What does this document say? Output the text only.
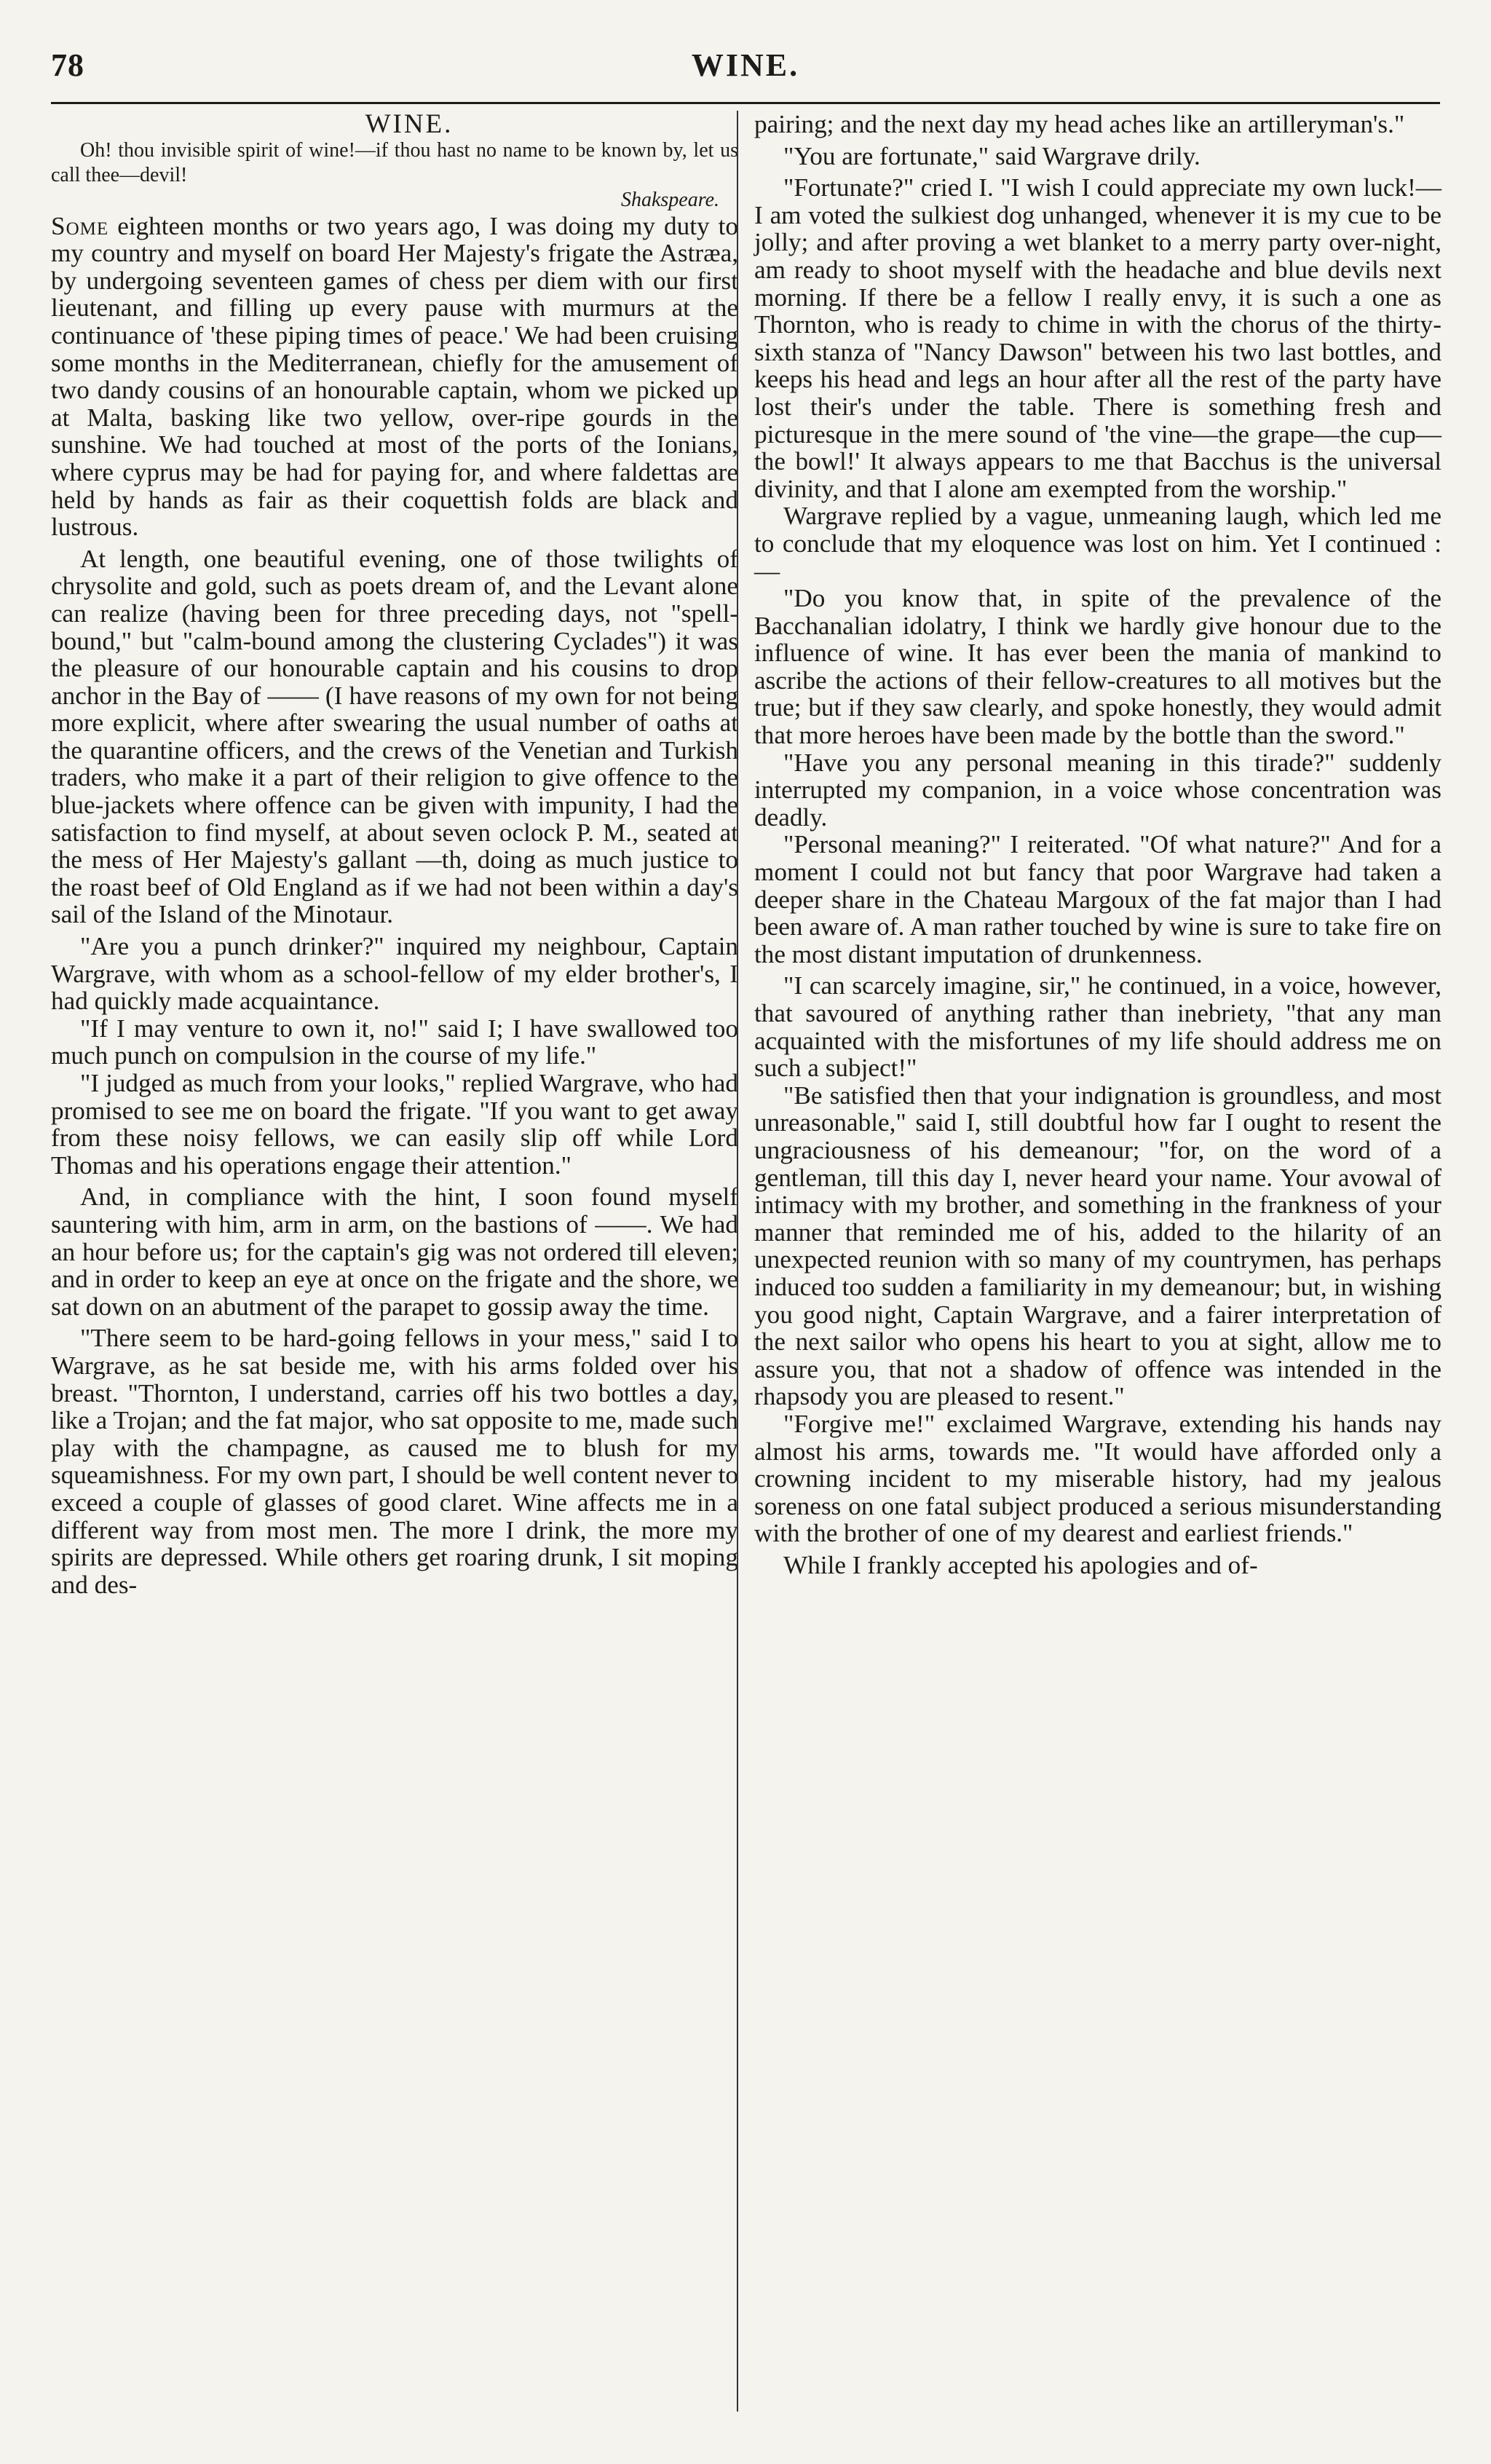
78	WINE.

WINE.

Oh! thou invisible spirit of wine!—if thou hast no name to be known by, let us call thee—devil!

Shakspeare.

Some eighteen months or two years ago, I was doing my duty to my country and myself on board Her Majesty's frigate the Astræa, by undergoing seventeen games of chess per diem with our first lieutenant, and filling up every pause with murmurs at the continuance of 'these piping times of peace.' We had been cruising some months in the Mediterranean, chiefly for the amusement of two dandy cousins of an honourable captain, whom we picked up at Malta, basking like two yellow, over-ripe gourds in the sunshine. We had touched at most of the ports of the Ionians, where cyprus may be had for paying for, and where faldettas are held by hands as fair as their coquettish folds are black and lustrous.

At length, one beautiful evening, one of those twilights of chrysolite and gold, such as poets dream of, and the Levant alone can realize (having been for three preceding days, not "spell-bound," but "calm-bound among the clustering Cyclades") it was the pleasure of our honourable captain and his cousins to drop anchor in the Bay of —— (I have reasons of my own for not being more explicit, where after swearing the usual number of oaths at the quarantine officers, and the crews of the Venetian and Turkish traders, who make it a part of their religion to give offence to the blue-jackets where offence can be given with impunity, I had the satisfaction to find myself, at about seven oclock P. M., seated at the mess of Her Majesty's gallant —th, doing as much justice to the roast beef of Old England as if we had not been within a day's sail of the Island of the Minotaur.

"Are you a punch drinker?" inquired my neighbour, Captain Wargrave, with whom as a school-fellow of my elder brother's, I had quickly made acquaintance.

"If I may venture to own it, no!" said I; I have swallowed too much punch on compulsion in the course of my life."

"I judged as much from your looks," replied Wargrave, who had promised to see me on board the frigate. "If you want to get away from these noisy fellows, we can easily slip off while Lord Thomas and his operations engage their attention."

And, in compliance with the hint, I soon found myself sauntering with him, arm in arm, on the bastions of ——. We had an hour before us; for the captain's gig was not ordered till eleven; and in order to keep an eye at once on the frigate and the shore, we sat down on an abutment of the parapet to gossip away the time.

"There seem to be hard-going fellows in your mess," said I to Wargrave, as he sat beside me, with his arms folded over his breast. "Thornton, I understand, carries off his two bottles a day, like a Trojan; and the fat major, who sat opposite to me, made such play with the champagne, as caused me to blush for my squeamishness. For my own part, I should be well content never to exceed a couple of glasses of good claret. Wine affects me in a different way from most men. The more I drink, the more my spirits are depressed. While others get roaring drunk, I sit moping and des-

pairing; and the next day my head aches like an artilleryman's."

"You are fortunate," said Wargrave drily.

"Fortunate?" cried I. "I wish I could appreciate my own luck!—I am voted the sulkiest dog unhanged, whenever it is my cue to be jolly; and after proving a wet blanket to a merry party over-night, am ready to shoot myself with the headache and blue devils next morning. If there be a fellow I really envy, it is such a one as Thornton, who is ready to chime in with the chorus of the thirty-sixth stanza of "Nancy Dawson" between his two last bottles, and keeps his head and legs an hour after all the rest of the party have lost their's under the table. There is something fresh and picturesque in the mere sound of 'the vine—the grape—the cup—the bowl!' It always appears to me that Bacchus is the universal divinity, and that I alone am exempted from the worship."

Wargrave replied by a vague, unmeaning laugh, which led me to conclude that my eloquence was lost on him. Yet I continued :—

"Do you know that, in spite of the prevalence of the Bacchanalian idolatry, I think we hardly give honour due to the influence of wine. It has ever been the mania of mankind to ascribe the actions of their fellow-creatures to all motives but the true; but if they saw clearly, and spoke honestly, they would admit that more heroes have been made by the bottle than the sword."

"Have you any personal meaning in this tirade?" suddenly interrupted my companion, in a voice whose concentration was deadly.

"Personal meaning?" I reiterated. "Of what nature?" And for a moment I could not but fancy that poor Wargrave had taken a deeper share in the Chateau Margoux of the fat major than I had been aware of. A man rather touched by wine is sure to take fire on the most distant imputation of drunkenness.

"I can scarcely imagine, sir," he continued, in a voice, however, that savoured of anything rather than inebriety, "that any man acquainted with the misfortunes of my life should address me on such a subject!"

"Be satisfied then that your indignation is groundless, and most unreasonable," said I, still doubtful how far I ought to resent the ungraciousness of his demeanour; "for, on the word of a gentleman, till this day I, never heard your name. Your avowal of intimacy with my brother, and something in the frankness of your manner that reminded me of his, added to the hilarity of an unexpected reunion with so many of my countrymen, has perhaps induced too sudden a familiarity in my demeanour; but, in wishing you good night, Captain Wargrave, and a fairer interpretation of the next sailor who opens his heart to you at sight, allow me to assure you, that not a shadow of offence was intended in the rhapsody you are pleased to resent."

"Forgive me!" exclaimed Wargrave, extending his hands nay almost his arms, towards me. "It would have afforded only a crowning incident to my miserable history, had my jealous soreness on one fatal subject produced a serious misunderstanding with the brother of one of my dearest and earliest friends."

While I frankly accepted his apologies and of-
